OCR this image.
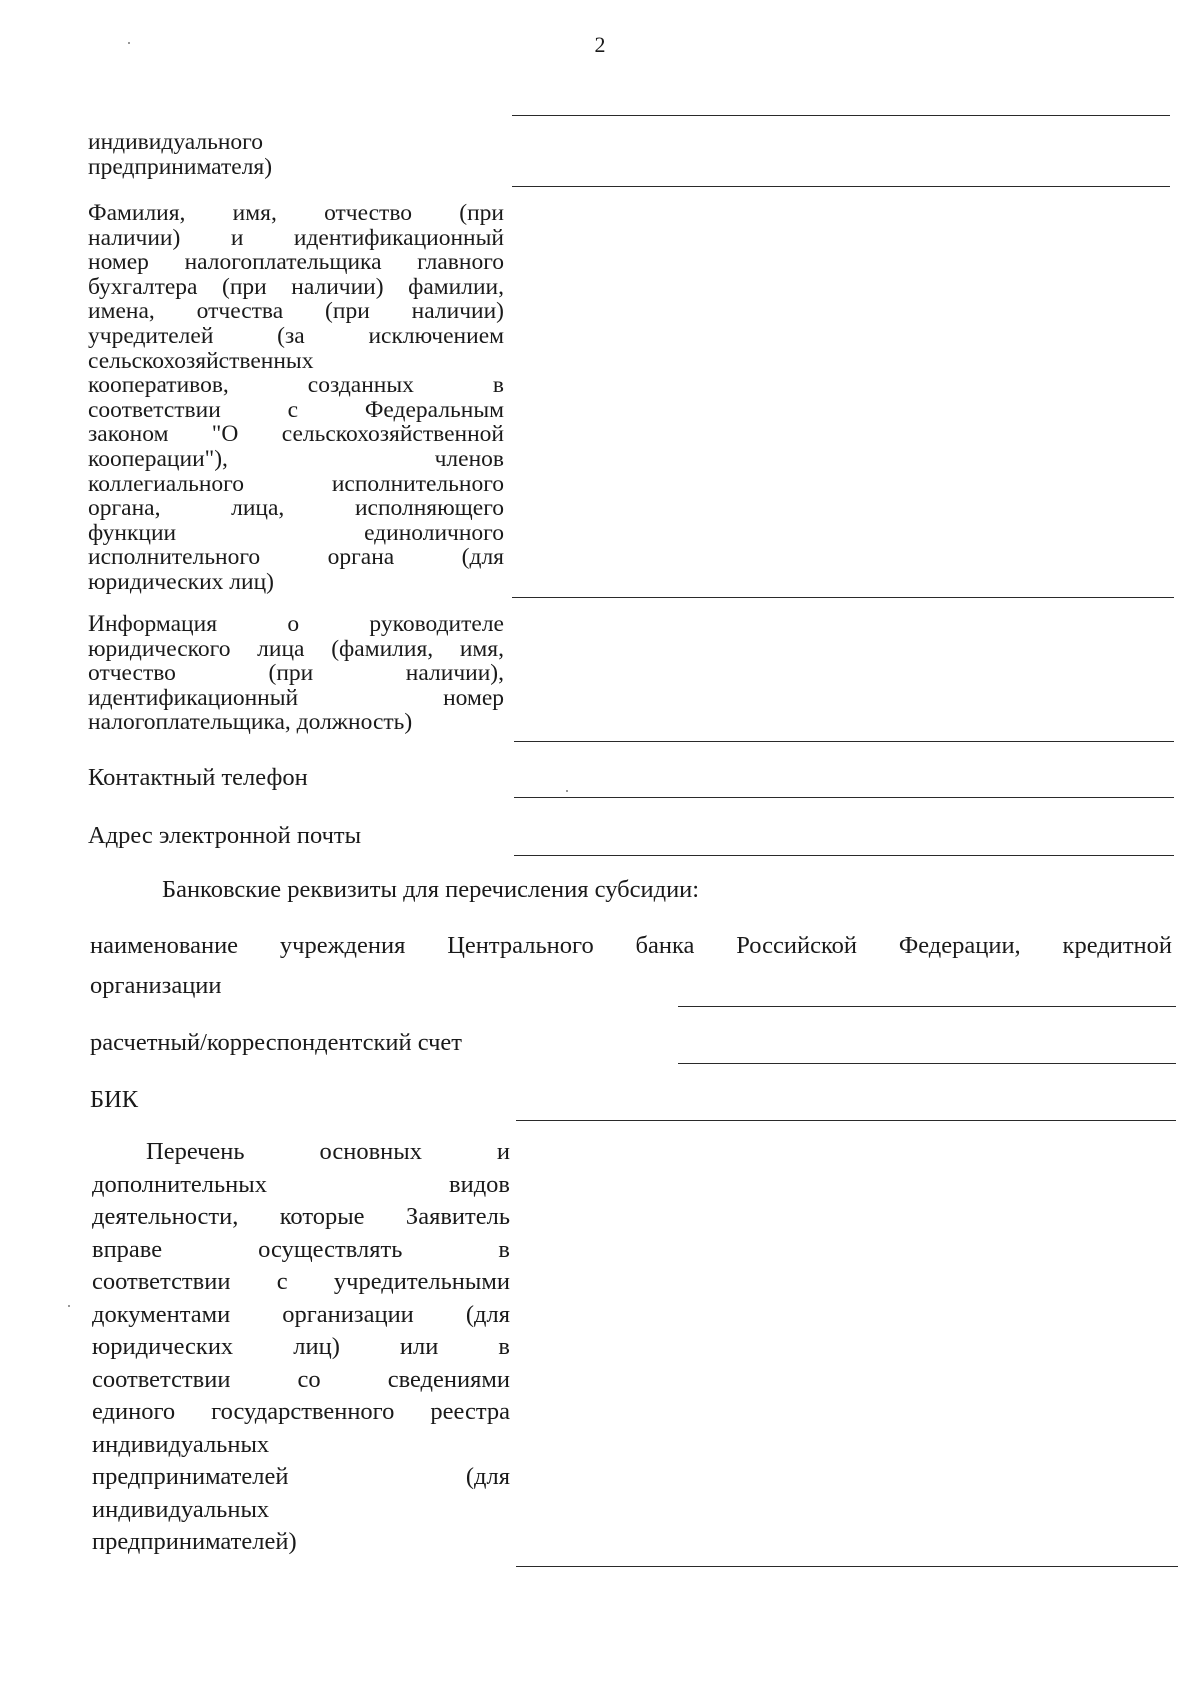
2
индивидуального
предпринимателя)
Фамилия, имя, отчество (при
наличии) и идентификационный
номер налогоплательщика главного
бухгалтера (при наличии) фамилии,
имена, отчества (при наличии)
учредителей (за исключением
сельскохозяйственных
кооперативов, созданных в
соответствии с Федеральным
законом "О сельскохозяйственной
кооперации"), членов
коллегиального исполнительного
органа, лица, исполняющего
функции единоличного
исполнительного органа (для
юридических лиц)
Информация о руководителе
юридического лица (фамилия, имя,
отчество (при наличии),
идентификационный номер
налогоплательщика, должность)
Контактный телефон
Адрес электронной почты
Банковские реквизиты для перечисления субсидии:
наименование учреждения Центрального банка Российской Федерации, кредитной
организации
расчетный/корреспондентский счет
БИК
Перечень основных и
дополнительных видов
деятельности, которые Заявитель
вправе осуществлять в
соответствии с учредительными
документами организации (для
юридических лиц) или в
соответствии со сведениями
единого государственного реестра
индивидуальных
предпринимателей (для
индивидуальных
предпринимателей)
